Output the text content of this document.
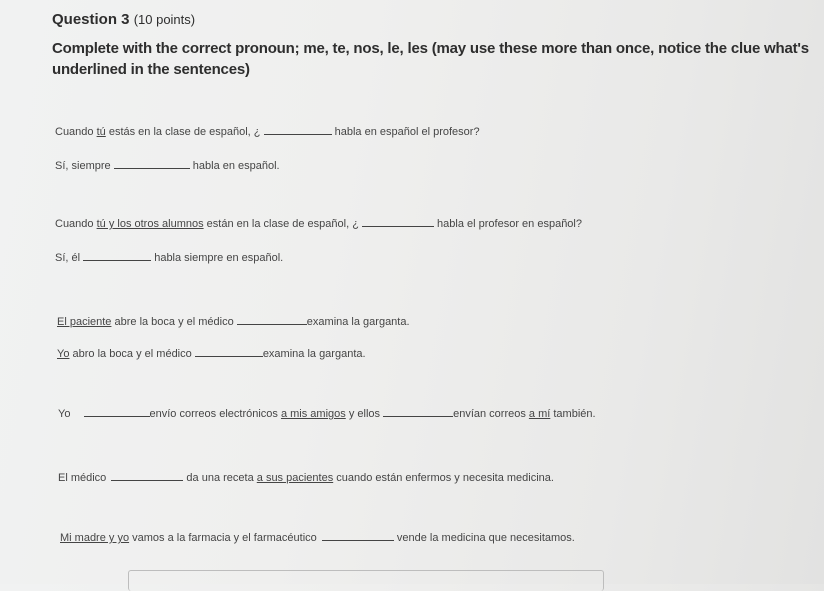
Question 3 (10 points)
Complete with the correct pronoun; me, te, nos, le, les (may use these more than once, notice the clue what's underlined in the sentences)
Cuando tú estás en la clase de español, ¿	habla en español el profesor?
Sí, siempre	habla en español.
Cuando tú y los otros alumnos están en la clase de español, ¿	habla el profesor en español?
Sí, él	habla siempre en español.
El paciente abre la boca y el médico	examina la garganta.
Yo abro la boca y el médico	examina la garganta.
Yo	envío correos electrónicos a mis amigos y ellos	envían correos a mí también.
El médico	da una receta a sus pacientes cuando están enfermos y necesita medicina.
Mi madre y yo vamos a la farmacia y el farmacéutico	vende la medicina que necesitamos.
